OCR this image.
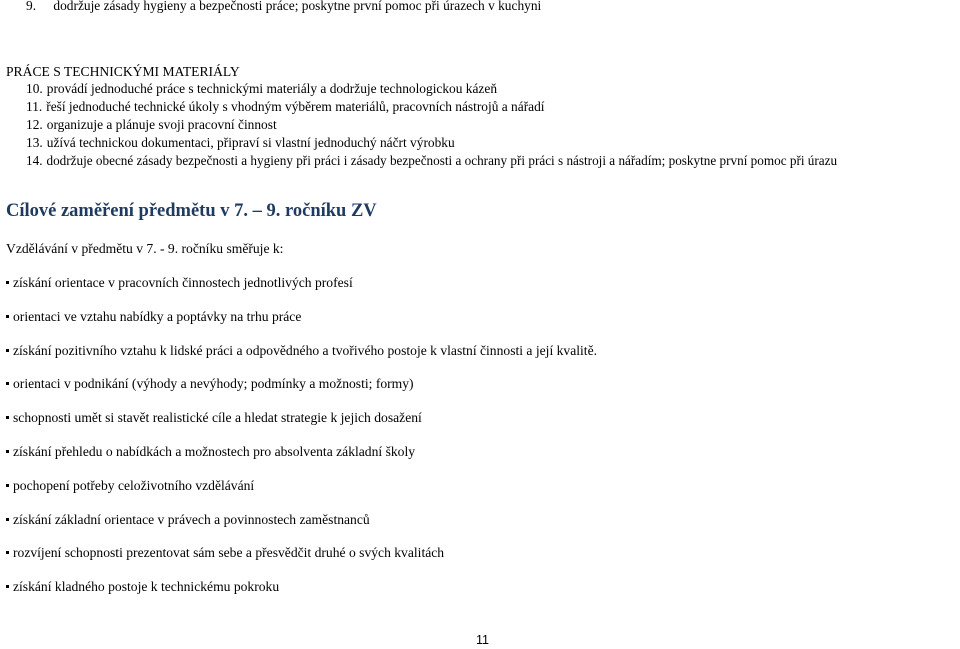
9. dodržuje zásady hygieny a bezpečnosti práce; poskytne první pomoc při úrazech v kuchyni
PRÁCE S TECHNICKÝMI MATERIÁLY
10. provádí jednoduché práce s technickými materiály a dodržuje technologickou kázeň
11. řeší jednoduché technické úkoly s vhodným výběrem materiálů, pracovních nástrojů a nářadí
12. organizuje a plánuje svoji pracovní činnost
13. užívá technickou dokumentaci, připraví si vlastní jednoduchý náčrt výrobku
14. dodržuje obecné zásady bezpečnosti a hygieny při práci i zásady bezpečnosti a ochrany při práci s nástroji a nářadím; poskytne první pomoc při úrazu
Cílové zaměření předmětu v 7. – 9. ročníku ZV
Vzdělávání v předmětu v 7. - 9. ročníku směřuje k:
získání orientace v pracovních činnostech jednotlivých profesí
orientaci ve vztahu nabídky a poptávky na trhu práce
získání pozitivního vztahu k lidské práci a odpovědného a tvořivého postoje k vlastní činnosti a její kvalitě.
orientaci v podnikání (výhody a nevýhody; podmínky a možnosti; formy)
schopnosti umět si stavět realistické cíle a hledat strategie k jejich dosažení
získání přehledu o nabídkách a možnostech pro absolventa základní školy
pochopení potřeby celoživotního vzdělávání
získání základní orientace v právech a povinnostech zaměstnanců
rozvíjení schopnosti prezentovat sám sebe a přesvědčit druhé o svých kvalitách
získání kladného postoje k technickému pokroku
11
